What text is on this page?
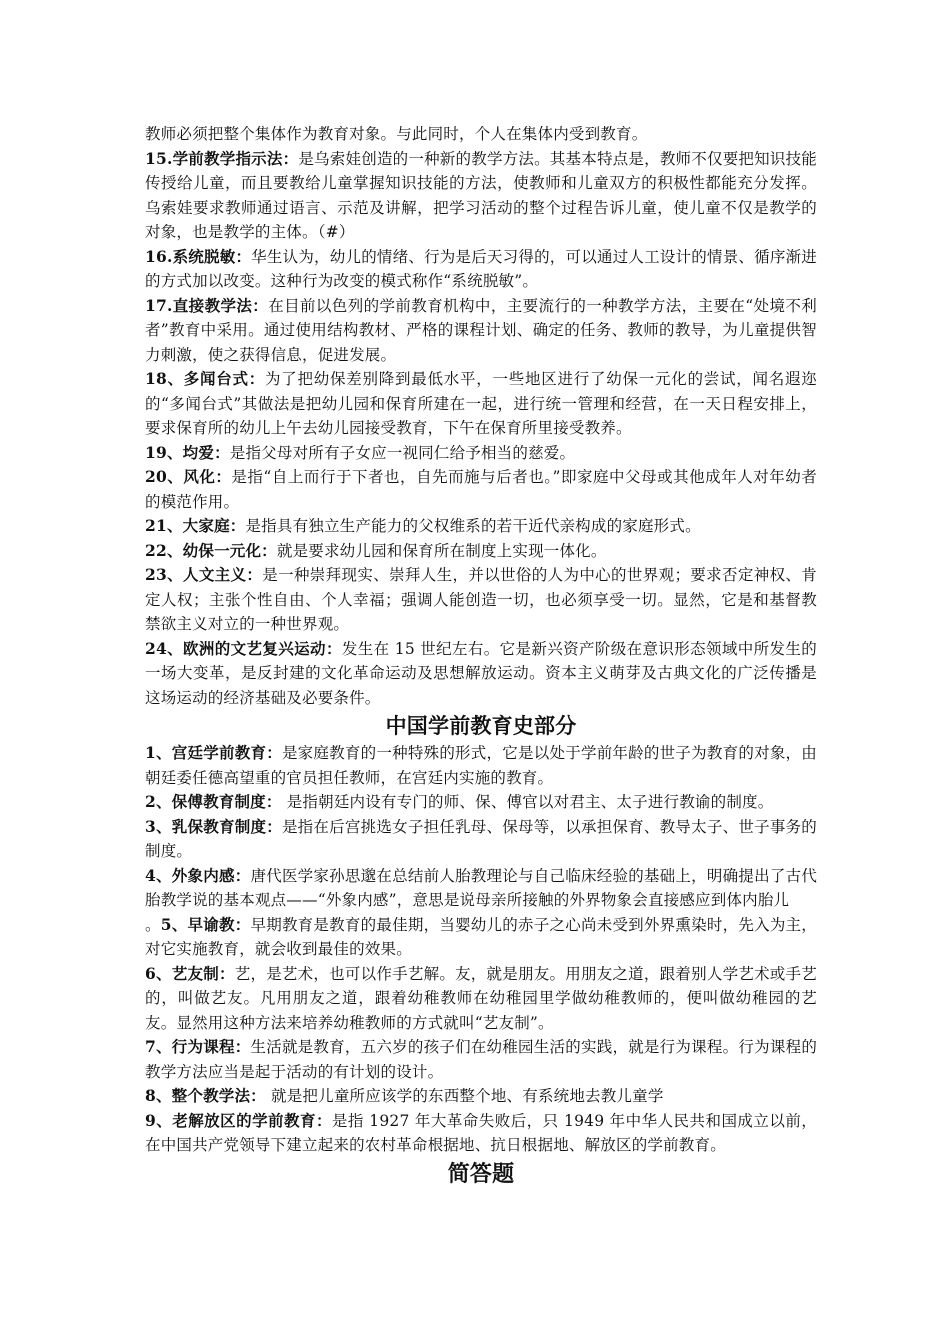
教师必须把整个集体作为教育对象。与此同时，个人在集体内受到教育。

15.学前教学指示法：是乌索娃创造的一种新的教学方法。其基本特点是，教师不仅要把知识技能传授给儿童，而且要教给儿童掌握知识技能的方法，使教师和儿童双方的积极性都能充分发挥。乌索娃要求教师通过语言、示范及讲解，把学习活动的整个过程告诉儿童，使儿童不仅是教学的对象，也是教学的主体。（#）

16.系统脱敏：华生认为，幼儿的情绪、行为是后天习得的，可以通过人工设计的情景、循序渐进的方式加以改变。这种行为改变的模式称作“系统脱敏”。

17.直接教学法：在目前以色列的学前教育机构中，主要流行的一种教学方法，主要在“处境不利者”教育中采用。通过使用结构教材、严格的课程计划、确定的任务、教师的教导，为儿童提供智力刺激，使之获得信息，促进发展。

18、多闻台式：为了把幼保差别降到最低水平，一些地区进行了幼保一元化的尝试，闻名遐迩的“多闻台式”其做法是把幼儿园和保育所建在一起，进行统一管理和经营，在一天日程安排上， 要求保育所的幼儿上午去幼儿园接受教育，下午在保育所里接受教养。

19、均爱：是指父母对所有子女应一视同仁给予相当的慈爱。

20、风化：是指“自上而行于下者也，自先而施与后者也。”即家庭中父母或其他成年人对年幼者的模范作用。

21、大家庭：是指具有独立生产能力的父权维系的若干近代亲构成的家庭形式。

22、幼保一元化：就是要求幼儿园和保育所在制度上实现一体化。

23、人文主义：是一种崇拜现实、崇拜人生，并以世俗的人为中心的世界观；要求否定神权、肯定人权；主张个性自由、个人幸福；强调人能创造一切，也必须享受一切。显然，它是和基督教禁欲主义对立的一种世界观。

24、欧洲的文艺复兴运动：发生在 15 世纪左右。它是新兴资产阶级在意识形态领域中所发生的一场大变革，是反封建的文化革命运动及思想解放运动。资本主义萌芽及古典文化的广泛传播是这场运动的经济基础及必要条件。

中国学前教育史部分

1、宫廷学前教育：是家庭教育的一种特殊的形式，它是以处于学前年龄的世子为教育的对象，由朝廷委任德高望重的官员担任教师，在宫廷内实施的教育。

2、保傅教育制度： 是指朝廷内设有专门的师、保、傅官以对君主、太子进行教谕的制度。

3、乳保教育制度：是指在后宫挑选女子担任乳母、保母等，以承担保育、教导太子、世子事务的制度。

4、外象内感：唐代医学家孙思邈在总结前人胎教理论与自己临床经验的基础上，明确提出了古代胎教学说的基本观点——“外象内感”，意思是说母亲所接触的外界物象会直接感应到体内胎儿

。5、早谕教：早期教育是教育的最佳期，当婴幼儿的赤子之心尚未受到外界熏染时，先入为主，对它实施教育，就会收到最佳的效果。

6、艺友制：艺，是艺术，也可以作手艺解。友，就是朋友。用朋友之道，跟着别人学艺术或手艺的，叫做艺友。凡用朋友之道，跟着幼稚教师在幼稚园里学做幼稚教师的，便叫做幼稚园的艺友。显然用这种方法来培养幼稚教师的方式就叫“艺友制”。

7、行为课程：生活就是教育，五六岁的孩子们在幼稚园生活的实践，就是行为课程。行为课程的教学方法应当是起于活动的有计划的设计。

8、整个教学法： 就是把儿童所应该学的东西整个地、有系统地去教儿童学

9、老解放区的学前教育：是指 1927 年大革命失败后，只 1949 年中华人民共和国成立以前，在中国共产党领导下建立起来的农村革命根据地、抗日根据地、解放区的学前教育。

简答题
